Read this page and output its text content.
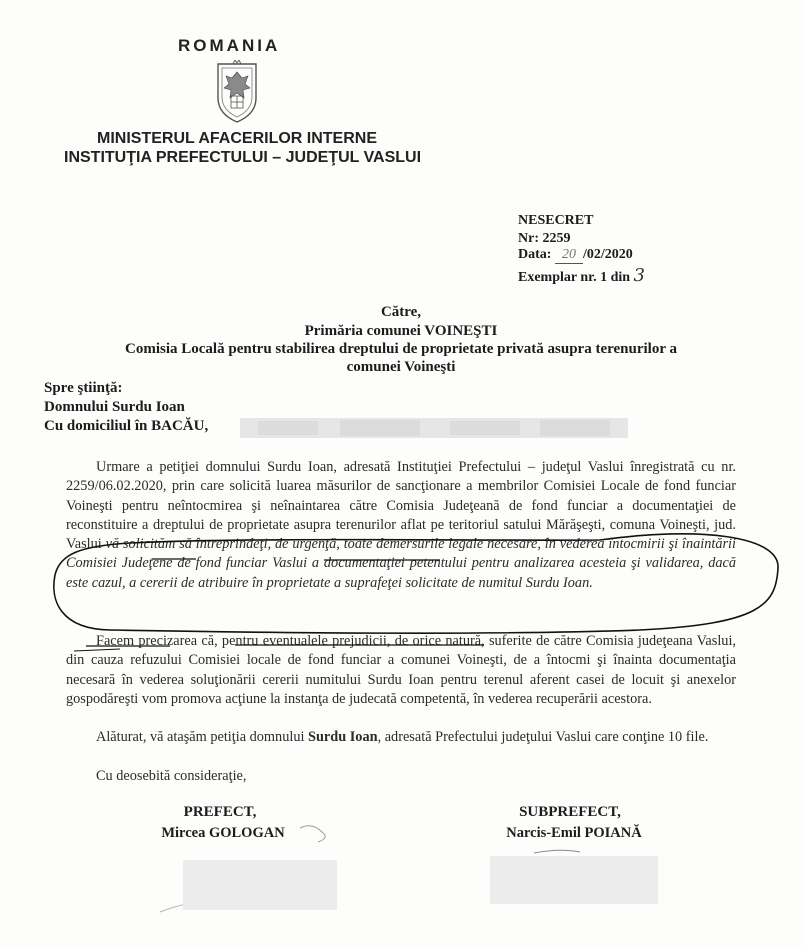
ROMANIA
MINISTERUL AFACERILOR INTERNE
INSTITUŢIA PREFECTULUI – JUDEŢUL VASLUI
NESECRET
Nr: 2259
Data: 20 /02/2020
Exemplar nr. 1 din 3
Către,
Primăria comunei VOINEŞTI
Comisia Locală pentru stabilirea dreptului de proprietate privată asupra terenurilor a
comunei Voineşti
Spre ştiinţă:
Domnului Surdu Ioan
Cu domiciliul în BACĂU,
Urmare a petiţiei domnului Surdu Ioan, adresată Instituţiei Prefectului – judeţul Vaslui înregistrată cu nr. 2259/06.02.2020, prin care solicită luarea măsurilor de sancţionare a membrilor Comisiei Locale de fond funciar Voineşti pentru neîntocmirea şi neînaintarea către Comisia Judeţeană de fond funciar a documentaţiei de reconstituire a dreptului de proprietate asupra terenurilor aflat pe teritoriul satului Mărăşeşti, comuna Voineşti, jud. Vaslui vă solicităm să întreprindeţi, de urgenţă, toate demersurile legale necesare, în vederea întocmirii şi înaintării Comisiei Judeţene de fond funciar Vaslui a documentaţiei petentului pentru analizarea acesteia şi validarea, dacă este cazul, a cererii de atribuire în proprietate a suprafeţei solicitate de numitul Surdu Ioan.
Facem precizarea că, pentru eventualele prejudicii, de orice natură, suferite de către Comisia judeţeana Vaslui, din cauza refuzului Comisiei locale de fond funciar a comunei Voineşti, de a întocmi şi înainta documentaţia necesară în vederea soluţionării cererii numitului Surdu Ioan pentru terenul aferent casei de locuit şi anexelor gospodăreşti vom promova acţiune la instanţa de judecată competentă, în vederea recuperării acestora.
Alăturat, vă ataşăm petiţia domnului Surdu Ioan, adresată Prefectului judeţului Vaslui care conţine 10 file.
Cu deosebită consideraţie,
PREFECT,
Mircea GOLOGAN
SUBPREFECT,
Narcis-Emil POIANĂ
